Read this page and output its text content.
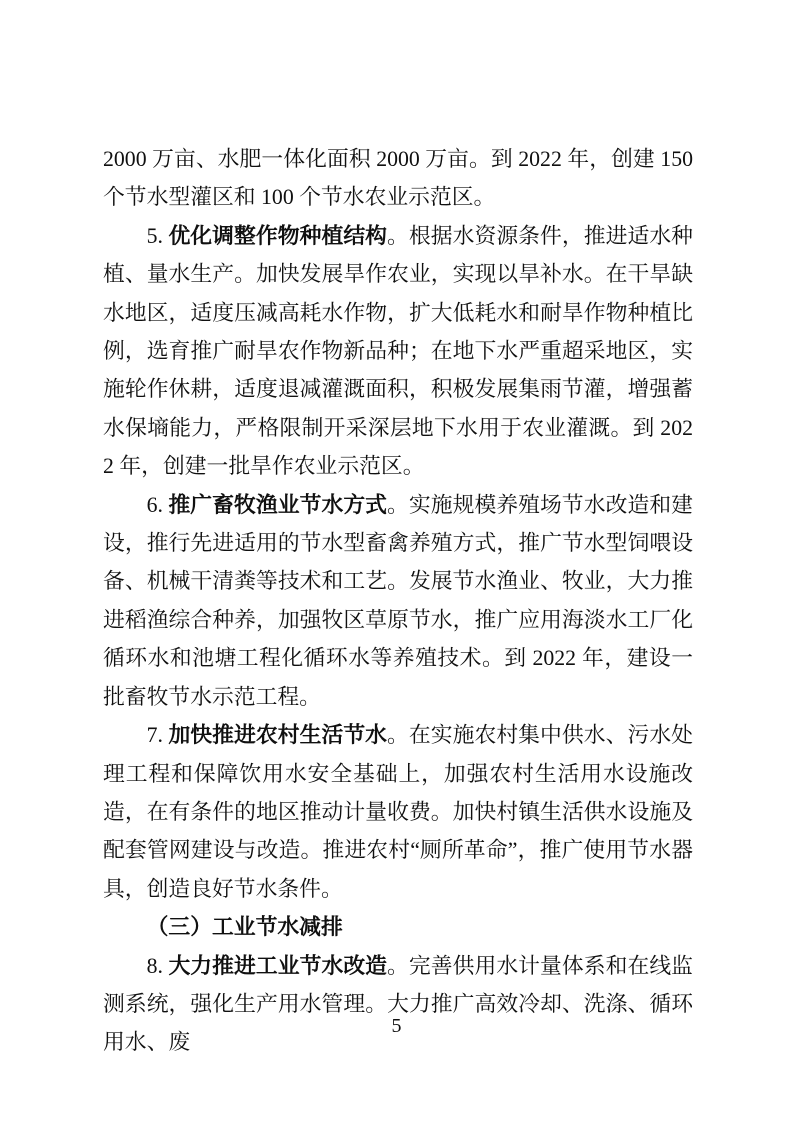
2000 万亩、水肥一体化面积 2000 万亩。到 2022 年，创建 150 个节水型灌区和 100 个节水农业示范区。

5. 优化调整作物种植结构。根据水资源条件，推进适水种植、量水生产。加快发展旱作农业，实现以旱补水。在干旱缺水地区，适度压减高耗水作物，扩大低耗水和耐旱作物种植比例，选育推广耐旱农作物新品种；在地下水严重超采地区，实施轮作休耕，适度退减灌溉面积，积极发展集雨节灌，增强蓄水保墒能力，严格限制开采深层地下水用于农业灌溉。到 2022 年，创建一批旱作农业示范区。

6. 推广畜牧渔业节水方式。实施规模养殖场节水改造和建设，推行先进适用的节水型畜禽养殖方式，推广节水型饲喂设备、机械干清粪等技术和工艺。发展节水渔业、牧业，大力推进稻渔综合种养，加强牧区草原节水，推广应用海淡水工厂化循环水和池塘工程化循环水等养殖技术。到 2022 年，建设一批畜牧节水示范工程。

7. 加快推进农村生活节水。在实施农村集中供水、污水处理工程和保障饮用水安全基础上，加强农村生活用水设施改造，在有条件的地区推动计量收费。加快村镇生活供水设施及配套管网建设与改造。推进农村“厕所革命”，推广使用节水器具，创造良好节水条件。

（三）工业节水减排

8. 大力推进工业节水改造。完善供用水计量体系和在线监测系统，强化生产用水管理。大力推广高效冷却、洗涤、循环用水、废

5
